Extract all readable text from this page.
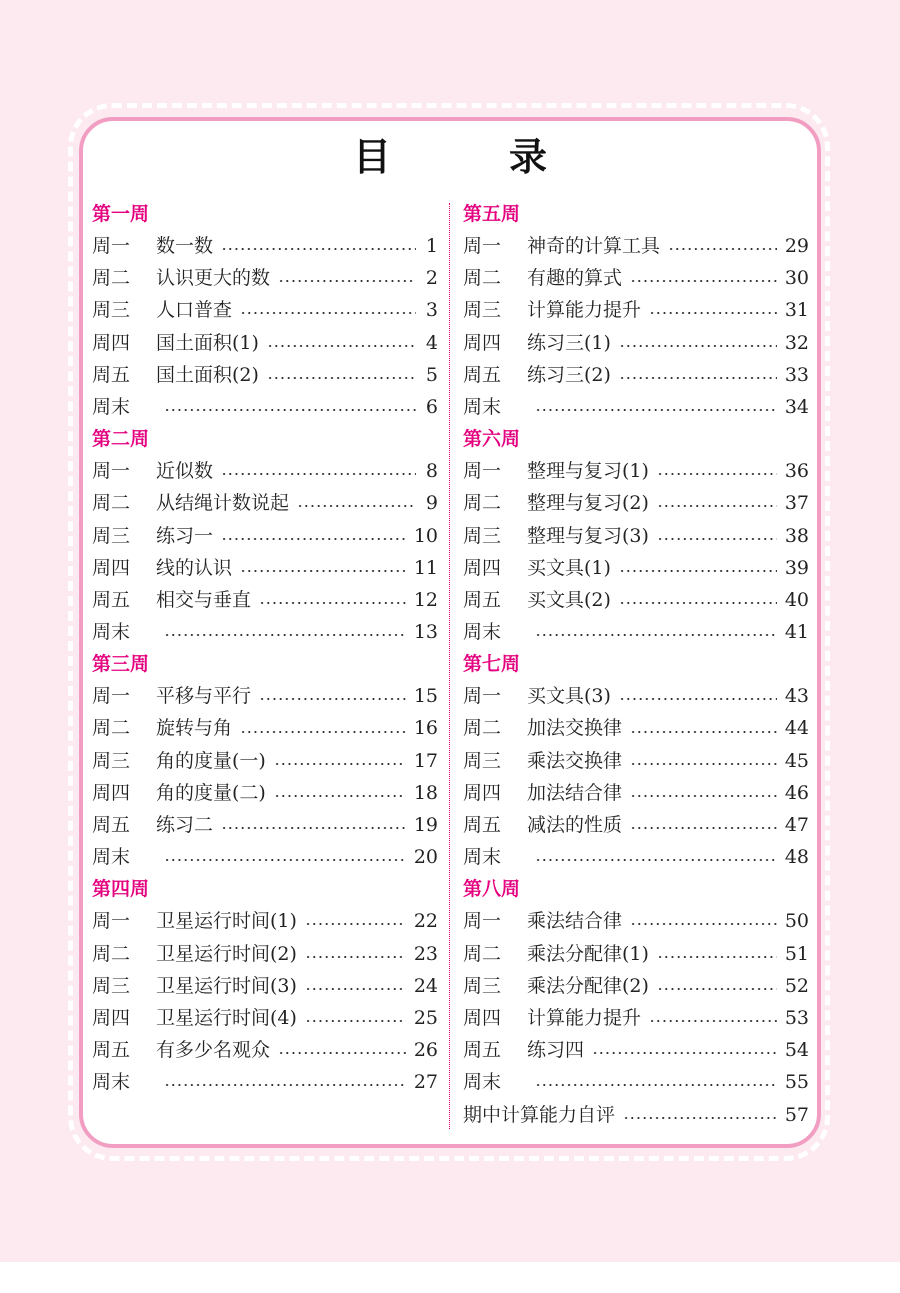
目　录
第一周
周一	数一数	1
周二	认识更大的数	2
周三	人口普查	3
周四	国土面积(1)	4
周五	国土面积(2)	5
周末	6
第二周
周一	近似数	8
周二	从结绳计数说起	9
周三	练习一	10
周四	线的认识	11
周五	相交与垂直	12
周末	13
第三周
周一	平移与平行	15
周二	旋转与角	16
周三	角的度量(一)	17
周四	角的度量(二)	18
周五	练习二	19
周末	20
第四周
周一	卫星运行时间(1)	22
周二	卫星运行时间(2)	23
周三	卫星运行时间(3)	24
周四	卫星运行时间(4)	25
周五	有多少名观众	26
周末	27
第五周
周一	神奇的计算工具	29
周二	有趣的算式	30
周三	计算能力提升	31
周四	练习三(1)	32
周五	练习三(2)	33
周末	34
第六周
周一	整理与复习(1)	36
周二	整理与复习(2)	37
周三	整理与复习(3)	38
周四	买文具(1)	39
周五	买文具(2)	40
周末	41
第七周
周一	买文具(3)	43
周二	加法交换律	44
周三	乘法交换律	45
周四	加法结合律	46
周五	减法的性质	47
周末	48
第八周
周一	乘法结合律	50
周二	乘法分配律(1)	51
周三	乘法分配律(2)	52
周四	计算能力提升	53
周五	练习四	54
周末	55
期中计算能力自评	57
